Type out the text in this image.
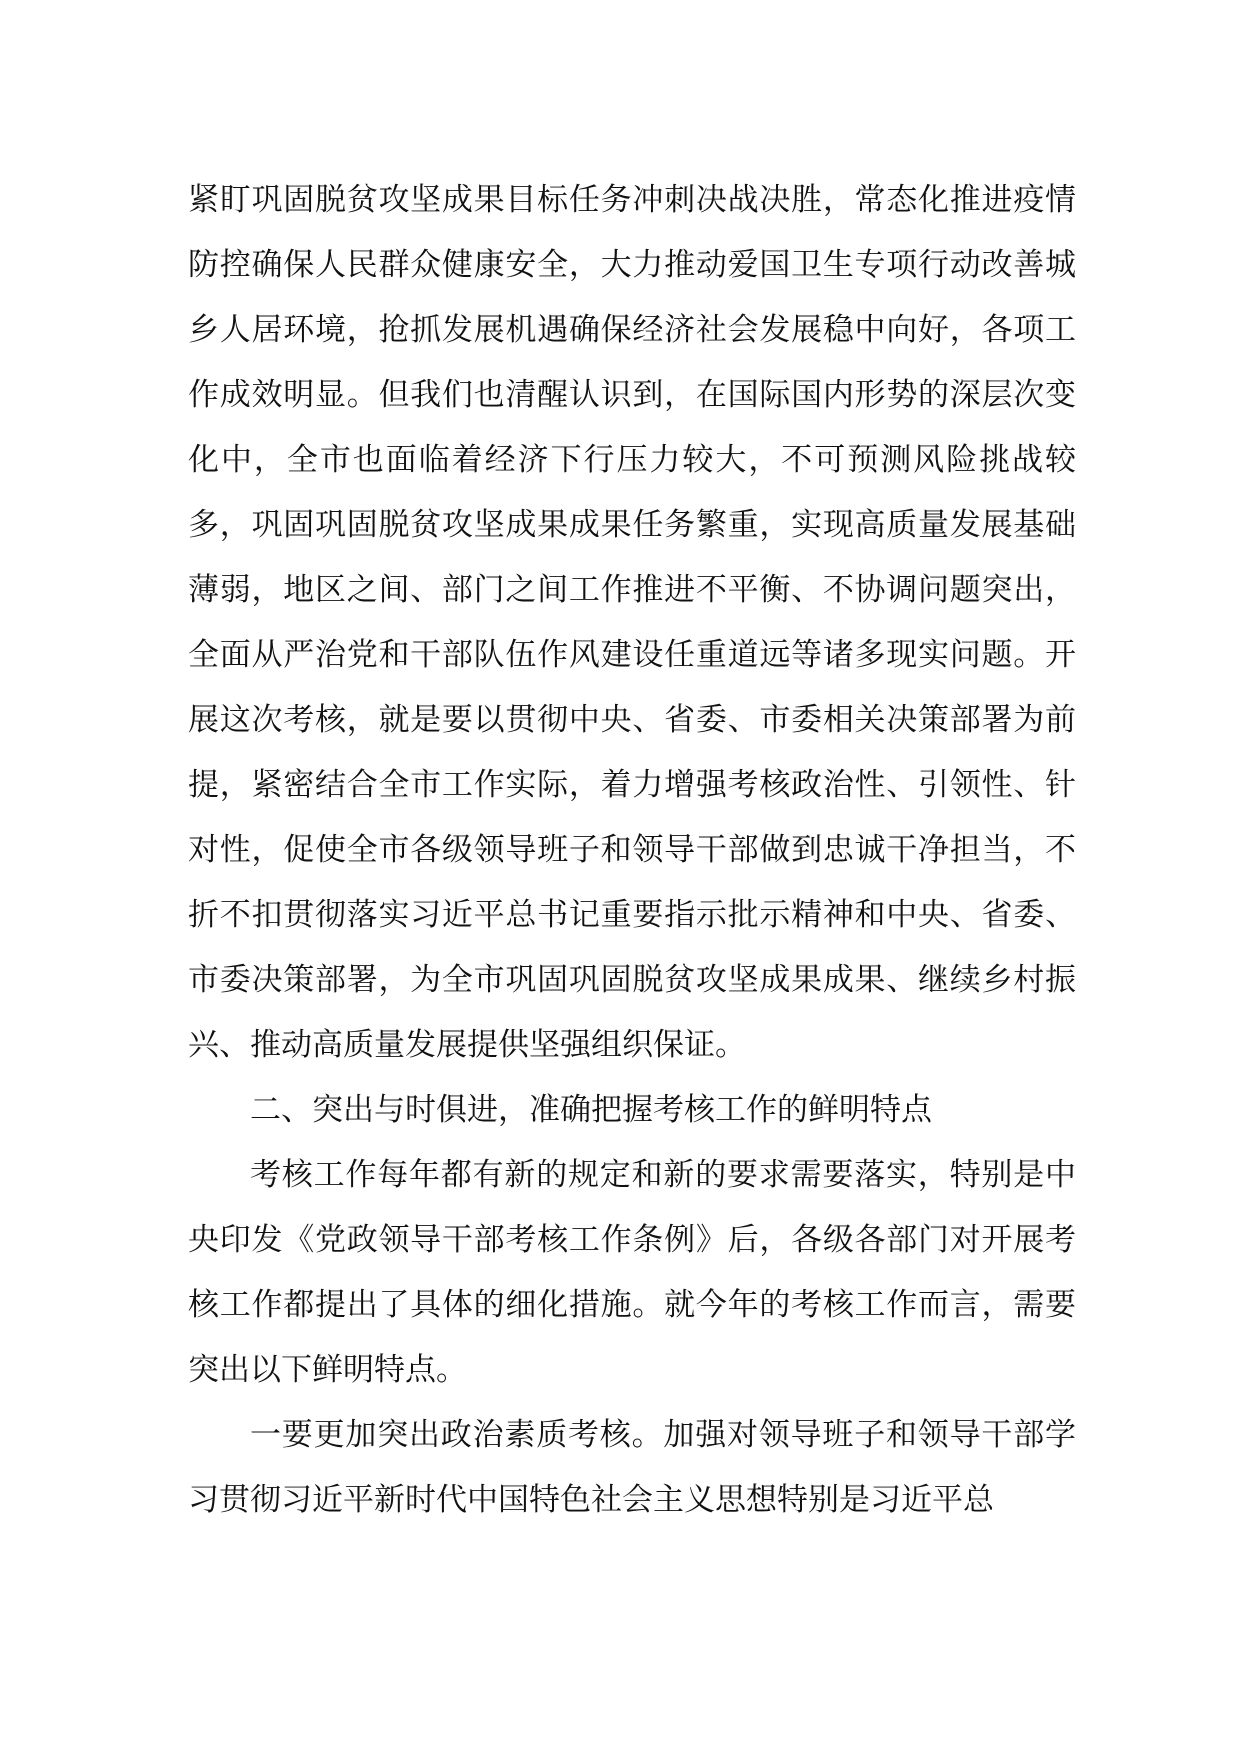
紧盯巩固脱贫攻坚成果目标任务冲刺决战决胜，常态化推进疫情防控确保人民群众健康安全，大力推动爱国卫生专项行动改善城乡人居环境，抢抓发展机遇确保经济社会发展稳中向好，各项工作成效明显。但我们也清醒认识到，在国际国内形势的深层次变化中，全市也面临着经济下行压力较大，不可预测风险挑战较多，巩固巩固脱贫攻坚成果成果任务繁重，实现高质量发展基础薄弱，地区之间、部门之间工作推进不平衡、不协调问题突出，全面从严治党和干部队伍作风建设任重道远等诸多现实问题。开展这次考核，就是要以贯彻中央、省委、市委相关决策部署为前提，紧密结合全市工作实际，着力增强考核政治性、引领性、针对性，促使全市各级领导班子和领导干部做到忠诚干净担当，不折不扣贯彻落实习近平总书记重要指示批示精神和中央、省委、市委决策部署，为全市巩固巩固脱贫攻坚成果成果、继续乡村振兴、推动高质量发展提供坚强组织保证。

二、突出与时俱进，准确把握考核工作的鲜明特点

考核工作每年都有新的规定和新的要求需要落实，特别是中央印发《党政领导干部考核工作条例》后，各级各部门对开展考核工作都提出了具体的细化措施。就今年的考核工作而言，需要突出以下鲜明特点。

一要更加突出政治素质考核。加强对领导班子和领导干部学习贯彻习近平新时代中国特色社会主义思想特别是习近平总
